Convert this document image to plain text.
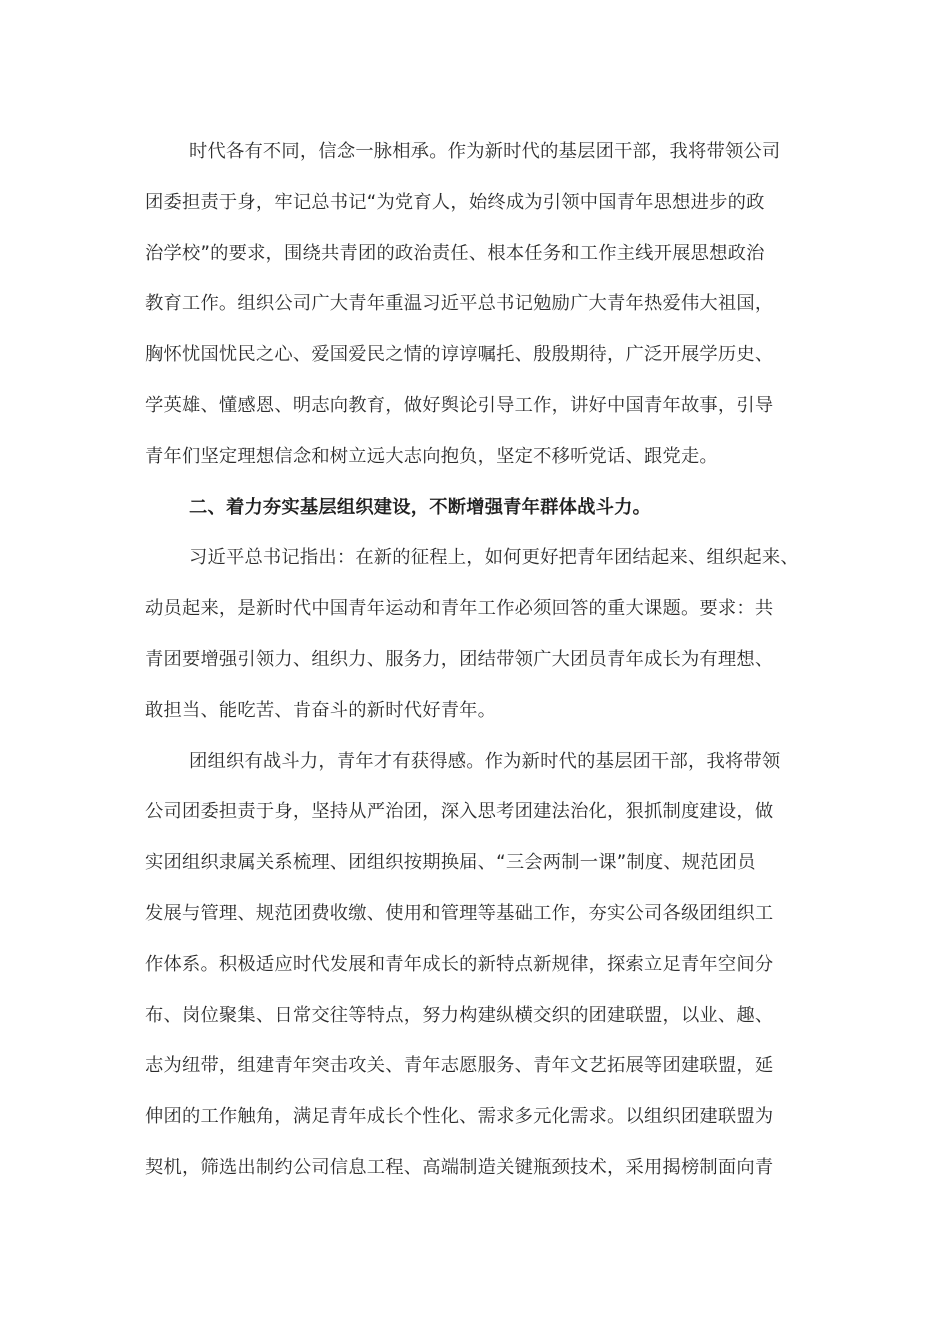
时代各有不同，信念一脉相承。作为新时代的基层团干部，我将带领公司
团委担责于身，牢记总书记“为党育人，始终成为引领中国青年思想进步的政
治学校”的要求，围绕共青团的政治责任、根本任务和工作主线开展思想政治
教育工作。组织公司广大青年重温习近平总书记勉励广大青年热爱伟大祖国，
胸怀忧国忧民之心、爱国爱民之情的谆谆嘱托、殷殷期待，广泛开展学历史、
学英雄、懂感恩、明志向教育，做好舆论引导工作，讲好中国青年故事，引导
青年们坚定理想信念和树立远大志向抱负，坚定不移听党话、跟党走。
二、着力夯实基层组织建设，不断增强青年群体战斗力。
习近平总书记指出：在新的征程上，如何更好把青年团结起来、组织起来、
动员起来，是新时代中国青年运动和青年工作必须回答的重大课题。要求：共
青团要增强引领力、组织力、服务力，团结带领广大团员青年成长为有理想、
敢担当、能吃苦、肯奋斗的新时代好青年。
团组织有战斗力，青年才有获得感。作为新时代的基层团干部，我将带领
公司团委担责于身，坚持从严治团，深入思考团建法治化，狠抓制度建设，做
实团组织隶属关系梳理、团组织按期换届、“三会两制一课”制度、规范团员
发展与管理、规范团费收缴、使用和管理等基础工作，夯实公司各级团组织工
作体系。积极适应时代发展和青年成长的新特点新规律，探索立足青年空间分
布、岗位聚集、日常交往等特点，努力构建纵横交织的团建联盟，以业、趣、
志为纽带，组建青年突击攻关、青年志愿服务、青年文艺拓展等团建联盟，延
伸团的工作触角，满足青年成长个性化、需求多元化需求。以组织团建联盟为
契机，筛选出制约公司信息工程、高端制造关键瓶颈技术，采用揭榜制面向青
